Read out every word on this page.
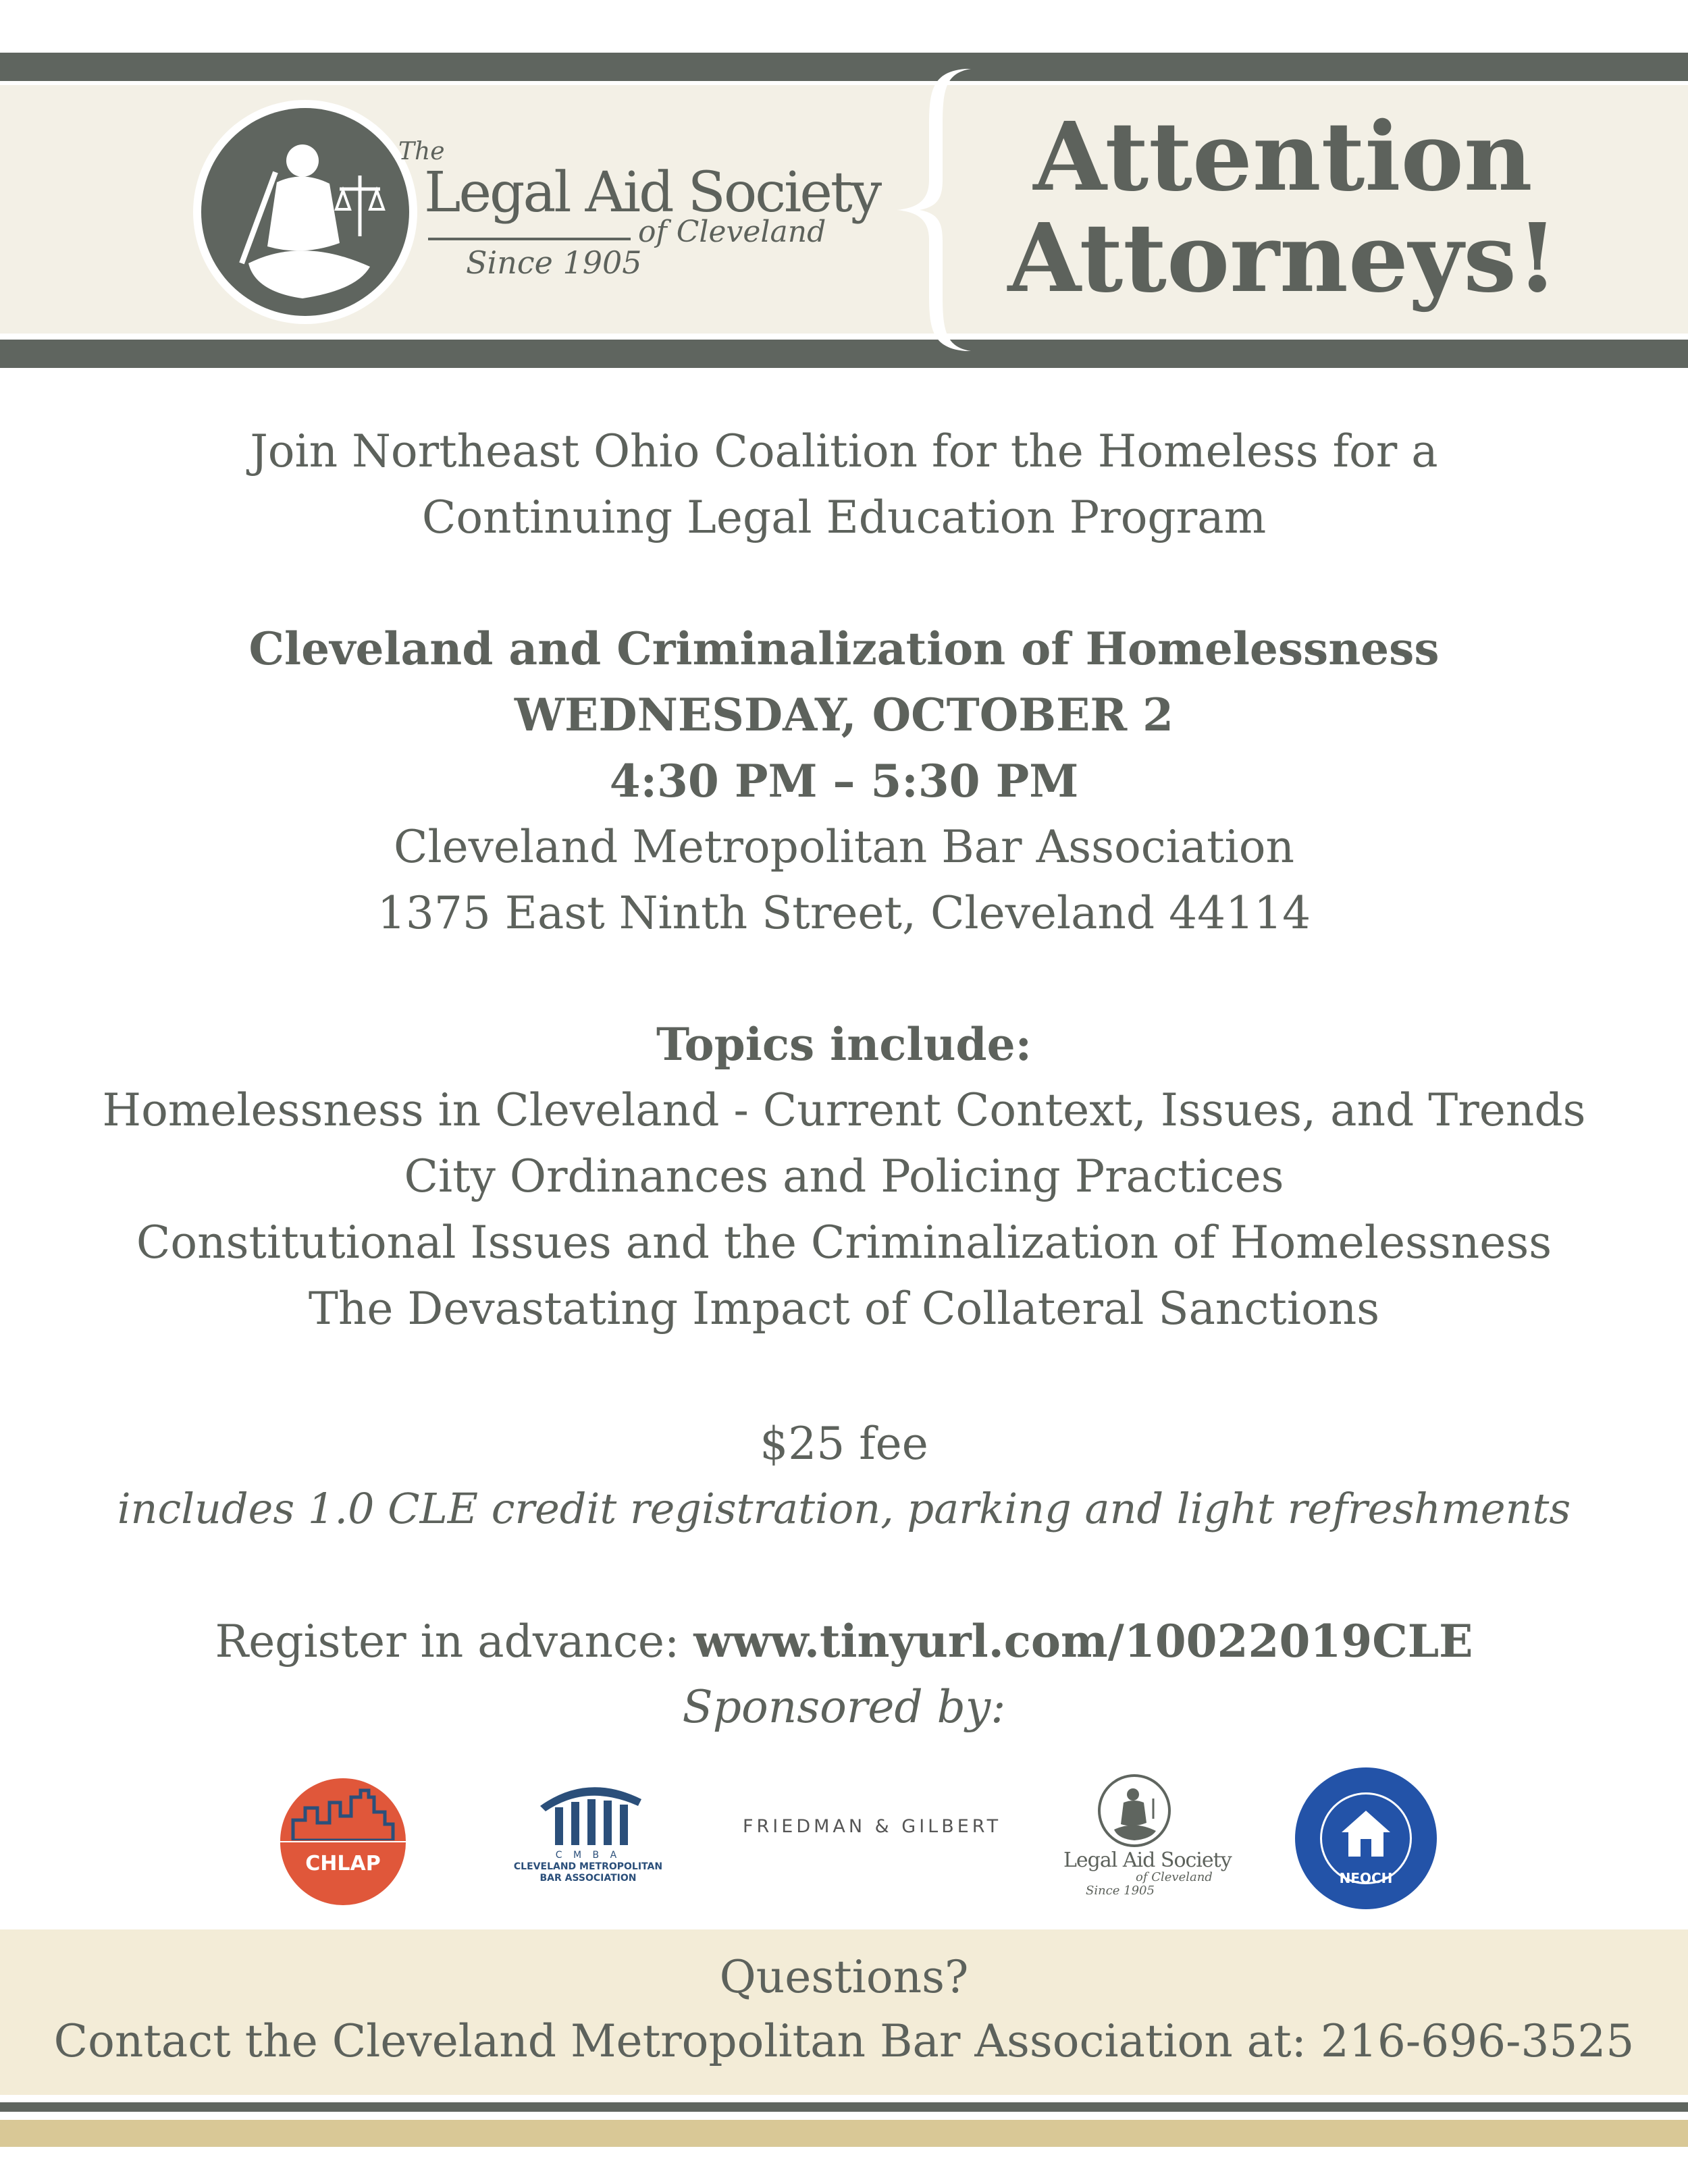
The
Legal Aid Society
of Cleveland
Since 1905
Attention
Attorneys!
Join Northeast Ohio Coalition for the Homeless for a
Continuing Legal Education Program
Cleveland and Criminalization of Homelessness
WEDNESDAY, OCTOBER 2
4:30 PM – 5:30 PM
Cleveland Metropolitan Bar Association
1375 East Ninth Street, Cleveland 44114
Topics include:
Homelessness in Cleveland - Current Context, Issues, and Trends
City Ordinances and Policing Practices
Constitutional Issues and the Criminalization of Homelessness
The Devastating Impact of Collateral Sanctions
$25 fee
includes 1.0 CLE credit registration, parking and light refreshments
Register in advance: www.tinyurl.com/10022019CLE
Sponsored by:
CHLAP	C M B A
CLEVELAND METROPOLITAN
BAR ASSOCIATION
FRIEDMAN & GILBERT
Legal Aid Society
of Cleveland
Since 1905
NEOCH
Questions?
Contact the Cleveland Metropolitan Bar Association at: 216-696-3525
